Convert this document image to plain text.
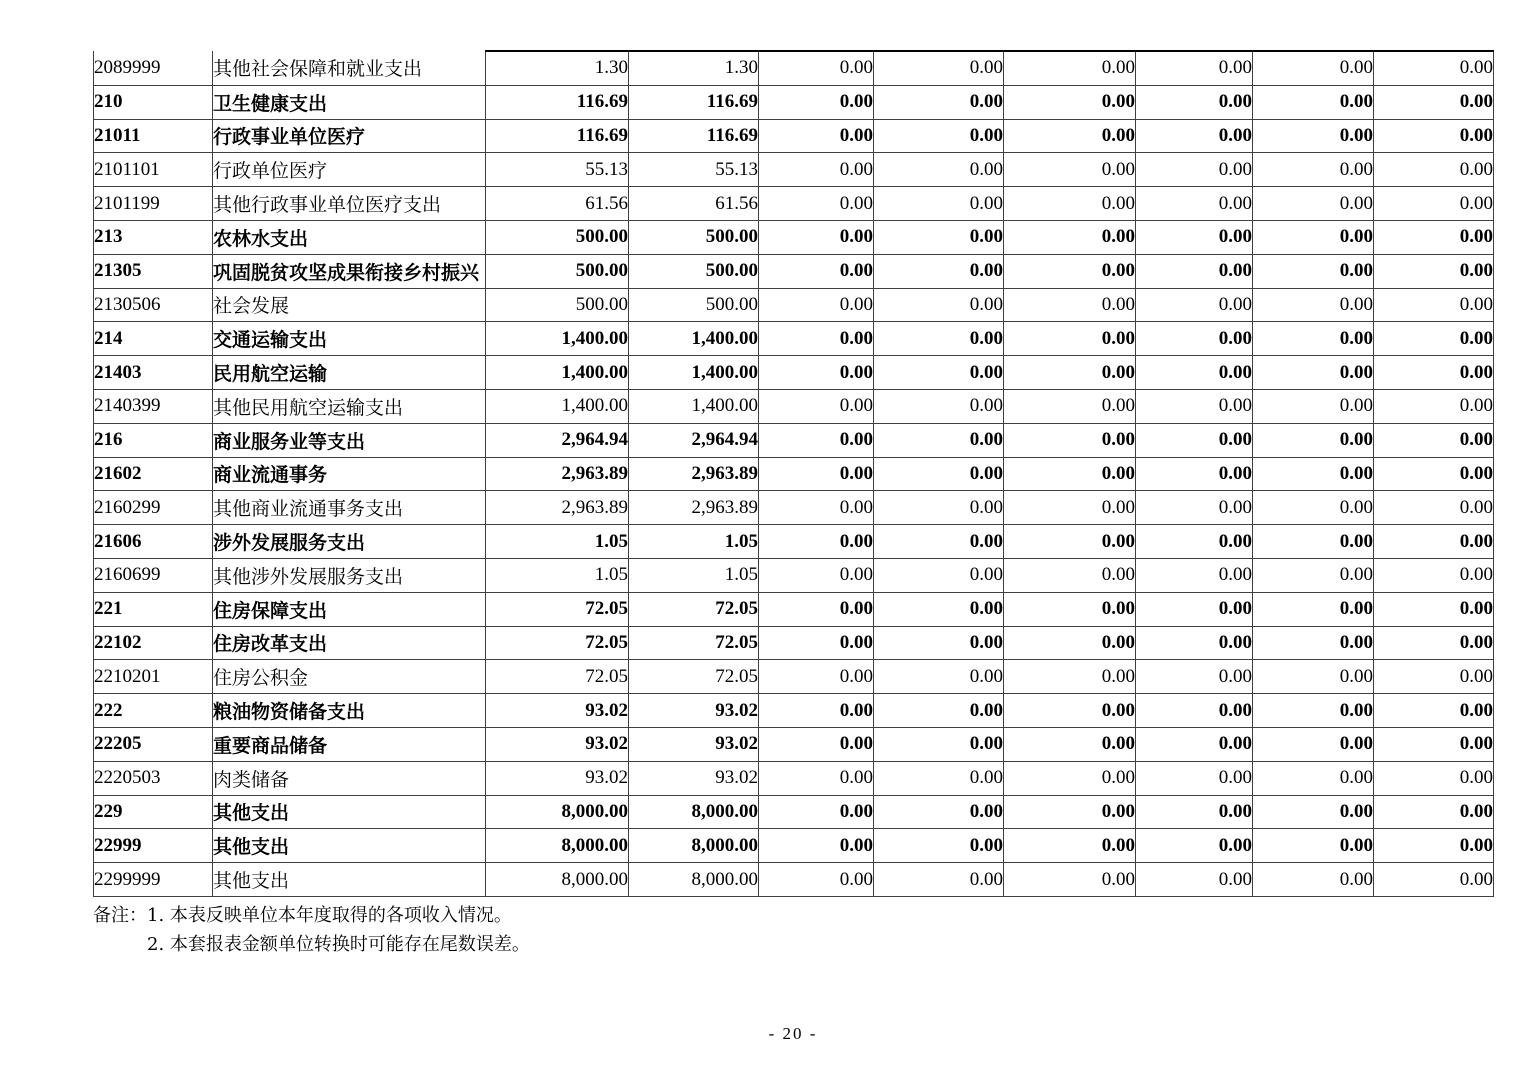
2089999	其他社会保障和就业支出	1.30	1.30	0.00	0.00	0.00	0.00	0.00	0.00
210	卫生健康支出	116.69	116.69	0.00	0.00	0.00	0.00	0.00	0.00
21011	行政事业单位医疗	116.69	116.69	0.00	0.00	0.00	0.00	0.00	0.00
2101101	行政单位医疗	55.13	55.13	0.00	0.00	0.00	0.00	0.00	0.00
2101199	其他行政事业单位医疗支出	61.56	61.56	0.00	0.00	0.00	0.00	0.00	0.00
213	农林水支出	500.00	500.00	0.00	0.00	0.00	0.00	0.00	0.00
21305	巩固脱贫攻坚成果衔接乡村振兴	500.00	500.00	0.00	0.00	0.00	0.00	0.00	0.00
2130506	社会发展	500.00	500.00	0.00	0.00	0.00	0.00	0.00	0.00
214	交通运输支出	1,400.00	1,400.00	0.00	0.00	0.00	0.00	0.00	0.00
21403	民用航空运输	1,400.00	1,400.00	0.00	0.00	0.00	0.00	0.00	0.00
2140399	其他民用航空运输支出	1,400.00	1,400.00	0.00	0.00	0.00	0.00	0.00	0.00
216	商业服务业等支出	2,964.94	2,964.94	0.00	0.00	0.00	0.00	0.00	0.00
21602	商业流通事务	2,963.89	2,963.89	0.00	0.00	0.00	0.00	0.00	0.00
2160299	其他商业流通事务支出	2,963.89	2,963.89	0.00	0.00	0.00	0.00	0.00	0.00
21606	涉外发展服务支出	1.05	1.05	0.00	0.00	0.00	0.00	0.00	0.00
2160699	其他涉外发展服务支出	1.05	1.05	0.00	0.00	0.00	0.00	0.00	0.00
221	住房保障支出	72.05	72.05	0.00	0.00	0.00	0.00	0.00	0.00
22102	住房改革支出	72.05	72.05	0.00	0.00	0.00	0.00	0.00	0.00
2210201	住房公积金	72.05	72.05	0.00	0.00	0.00	0.00	0.00	0.00
222	粮油物资储备支出	93.02	93.02	0.00	0.00	0.00	0.00	0.00	0.00
22205	重要商品储备	93.02	93.02	0.00	0.00	0.00	0.00	0.00	0.00
2220503	肉类储备	93.02	93.02	0.00	0.00	0.00	0.00	0.00	0.00
229	其他支出	8,000.00	8,000.00	0.00	0.00	0.00	0.00	0.00	0.00
22999	其他支出	8,000.00	8,000.00	0.00	0.00	0.00	0.00	0.00	0.00
2299999	其他支出	8,000.00	8,000.00	0.00	0.00	0.00	0.00	0.00	0.00
备注：1. 本表反映单位本年度取得的各项收入情况。
2. 本套报表金额单位转换时可能存在尾数误差。
- 20 -
